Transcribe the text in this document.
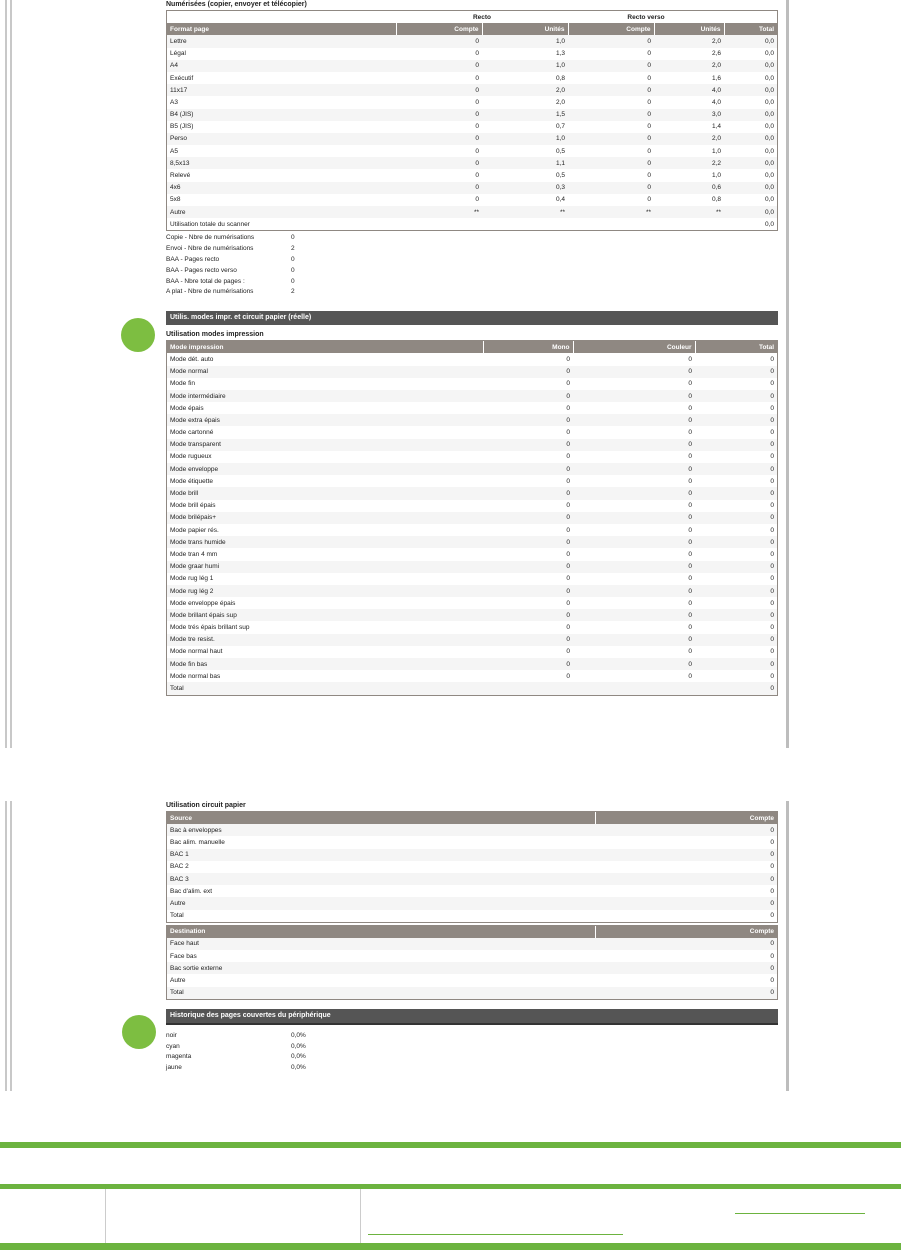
Numérisées (copier, envoyer et télécopier)
	Recto		Recto verso		
Format page	Compte	Unités	Compte	Unités	Total
Lettre	0	1,0	0	2,0	0,0
Légal	0	1,3	0	2,6	0,0
A4	0	1,0	0	2,0	0,0
Exécutif	0	0,8	0	1,6	0,0
11x17	0	2,0	0	4,0	0,0
A3	0	2,0	0	4,0	0,0
B4 (JIS)	0	1,5	0	3,0	0,0
B5 (JIS)	0	0,7	0	1,4	0,0
Perso	0	1,0	0	2,0	0,0
A5	0	0,5	0	1,0	0,0
8,5x13	0	1,1	0	2,2	0,0
Relevé	0	0,5	0	1,0	0,0
4x6	0	0,3	0	0,6	0,0
5x8	0	0,4	0	0,8	0,0
Autre	**	**	**	**	0,0
Utilisation totale du scanner					0,0
Copie - Nbre de numérisations	0
Envoi - Nbre de numérisations	2
BAA - Pages recto	0
BAA - Pages recto verso	0
BAA - Nbre total de pages :	0
A plat - Nbre de numérisations	2
Utilis. modes impr. et circuit papier (réelle)
Utilisation modes impression
Mode impression	Mono	Couleur	Total
Mode dét. auto	0	0	0
Mode normal	0	0	0
Mode fin	0	0	0
Mode intermédiaire	0	0	0
Mode épais	0	0	0
Mode extra épais	0	0	0
Mode cartonné	0	0	0
Mode transparent	0	0	0
Mode rugueux	0	0	0
Mode enveloppe	0	0	0
Mode étiquette	0	0	0
Mode brill	0	0	0
Mode brill épais	0	0	0
Mode brilépais+	0	0	0
Mode papier rés.	0	0	0
Mode trans humide	0	0	0
Mode tran 4 mm	0	0	0
Mode graar humi	0	0	0
Mode rug lég 1	0	0	0
Mode rug lég 2	0	0	0
Mode enveloppe épais	0	0	0
Mode brillant épais sup	0	0	0
Mode trés épais brillant sup	0	0	0
Mode tre resist.	0	0	0
Mode normal haut	0	0	0
Mode fin bas	0	0	0
Mode normal bas	0	0	0
Total			0
Utilisation circuit papier
Source	Compte
Bac à enveloppes	0
Bac alim. manuelle	0
BAC 1	0
BAC 2	0
BAC 3	0
Bac d'alim. ext	0
Autre	0
Total	0
Destination	Compte
Face haut	0
Face bas	0
Bac sortie externe	0
Autre	0
Total	0
Historique des pages couvertes du périphérique
noir	0,0%
cyan	0,0%
magenta	0,0%
jaune	0,0%
